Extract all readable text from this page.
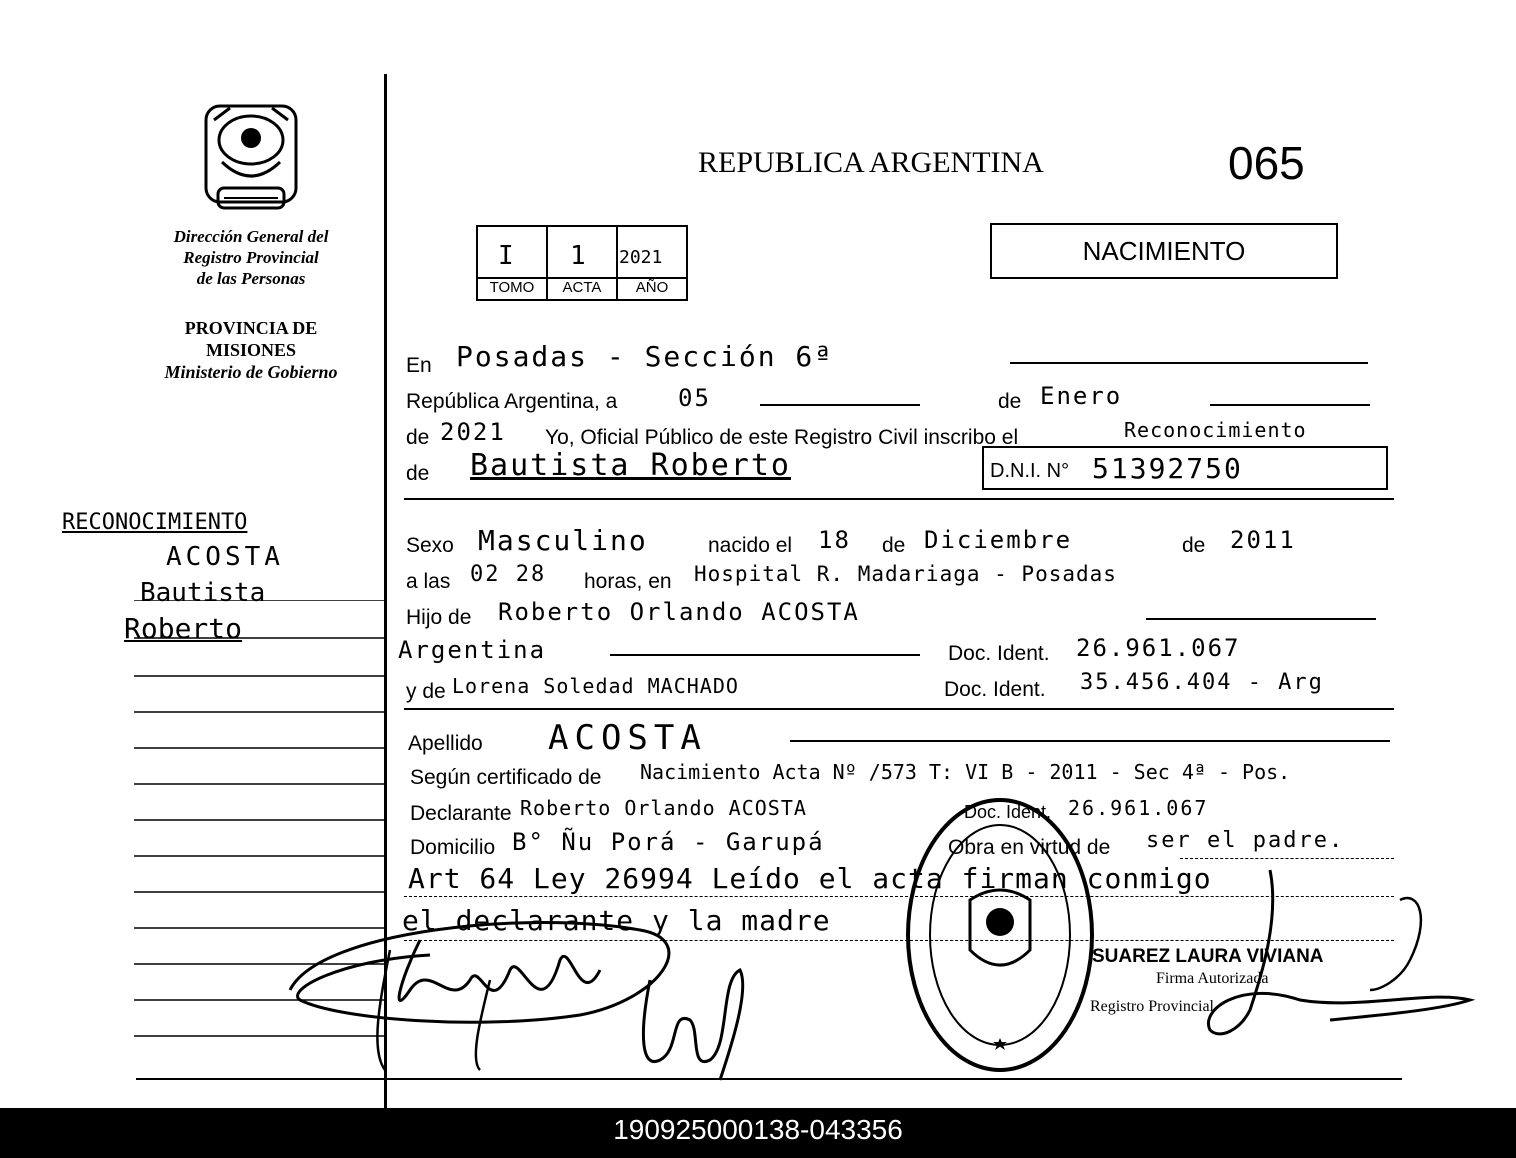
Dirección General del
Registro Provincial
de las Personas
PROVINCIA DE
MISIONES
Ministerio de Gobierno
REPUBLICA ARGENTINA	065
NACIMIENTO
I 1 2021
TOMO	ACTA	AÑO
En Posadas - Sección 6ª
República Argentina, a	05	de Enero
de 2021 Yo, Oficial Público de este Registro Civil inscribo el	Reconocimiento
de Bautista Roberto	D.N.I. N° 51392750
Sexo Masculino	nacido el 18 de Diciembre	de 2011
a las 02 28 horas, en Hospital R. Madariaga - Posadas
Hijo de Roberto Orlando ACOSTA
Argentina	Doc. Ident. 26.961.067
y de Lorena Soledad MACHADO	Doc. Ident. 35.456.404 - Arg
Apellido ACOSTA
Según certificado de Nacimiento Acta Nº /573 T: VI B - 2011 - Sec 4ª - Pos.
Declarante Roberto Orlando ACOSTA	Doc. Ident. 26.961.067
Domicilio B° Ñu Porá - Garupá	Obra en virtud de ser el padre.
Art 64 Ley 26994 Leído el acta firman conmigo
el declarante y la madre
RECONOCIMIENTO
ACOSTA
Bautista
Roberto
SUAREZ LAURA VIVIANA
Firma Autorizada
Registro Provincial
190925000138-043356
